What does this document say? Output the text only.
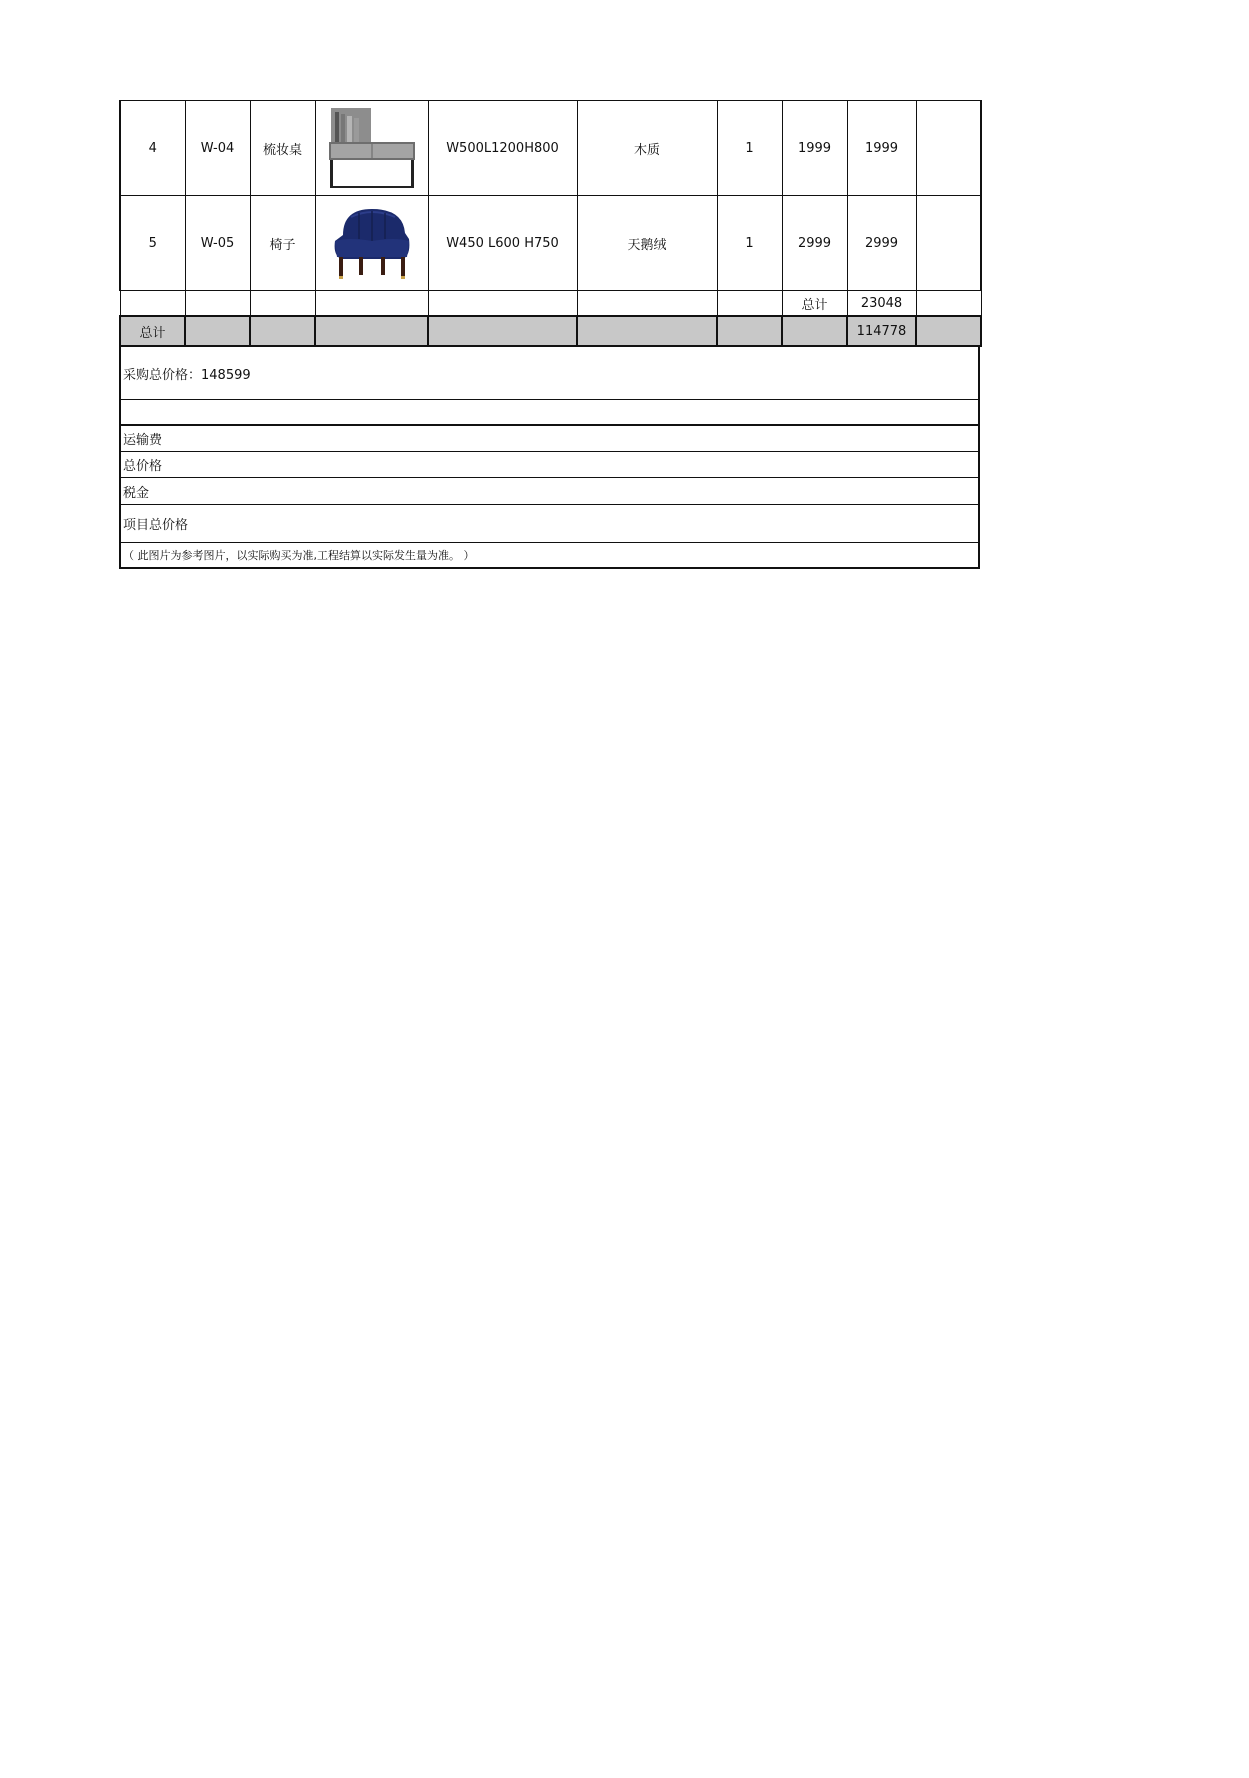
4	W-04	梳妆桌		W500L1200H800	木质	1	1999	1999	
5	W-05	椅子		W450 L600 H750	天鹅绒	1	2999	2999	
							总计	23048	
总计								114778	
采购总价格：148599
运输费
总价格
税金
项目总价格
（ 此图片为参考图片，以实际购买为准,工程结算以实际发生量为准。 ）
